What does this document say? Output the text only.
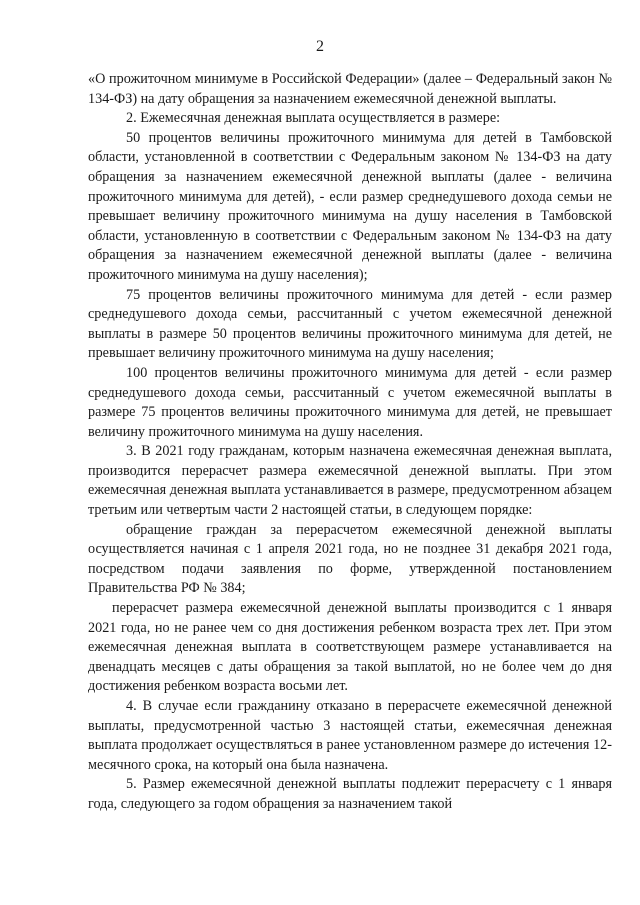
2

«О прожиточном минимуме в Российской Федерации» (далее – Федеральный закон № 134-ФЗ) на дату обращения за назначением ежемесячной денежной выплаты.

2. Ежемесячная денежная выплата осуществляется в размере:

50 процентов величины прожиточного минимума для детей в Тамбовской области, установленной в соответствии с Федеральным законом № 134-ФЗ на дату обращения за назначением ежемесячной денежной выплаты (далее - величина прожиточного минимума для детей), - если размер среднедушевого дохода семьи не превышает величину прожиточного минимума на душу населения в Тамбовской области, установленную в соответствии с Федеральным законом № 134-ФЗ на дату обращения за назначением ежемесячной денежной выплаты (далее - величина прожиточного минимума на душу населения);

75 процентов величины прожиточного минимума для детей - если размер среднедушевого дохода семьи, рассчитанный с учетом ежемесячной денежной выплаты в размере 50 процентов величины прожиточного минимума для детей, не превышает величину прожиточного минимума на душу населения;

100 процентов величины прожиточного минимума для детей - если размер среднедушевого дохода семьи, рассчитанный с учетом ежемесячной выплаты в размере 75 процентов величины прожиточного минимума для детей, не превышает величину прожиточного минимума на душу населения.

3. В 2021 году гражданам, которым назначена ежемесячная денежная выплата, производится перерасчет размера ежемесячной денежной выплаты. При этом ежемесячная денежная выплата устанавливается в размере, предусмотренном абзацем третьим или четвертым части 2 настоящей статьи, в следующем порядке:

обращение граждан за перерасчетом ежемесячной денежной выплаты осуществляется начиная с 1 апреля 2021 года, но не позднее 31 декабря 2021 года, посредством подачи заявления по форме, утвержденной постановлением Правительства РФ № 384;

перерасчет размера ежемесячной денежной выплаты производится с 1 января 2021 года, но не ранее чем со дня достижения ребенком возраста трех лет. При этом ежемесячная денежная выплата в соответствующем размере устанавливается на двенадцать месяцев с даты обращения за такой выплатой, но не более чем до дня достижения ребенком возраста восьми лет.

4. В случае если гражданину отказано в перерасчете ежемесячной денежной выплаты, предусмотренной частью 3 настоящей статьи, ежемесячная денежная выплата продолжает осуществляться в ранее установленном размере до истечения 12-месячного срока, на который она была назначена.

5. Размер ежемесячной денежной выплаты подлежит перерасчету с 1 января года, следующего за годом обращения за назначением такой
